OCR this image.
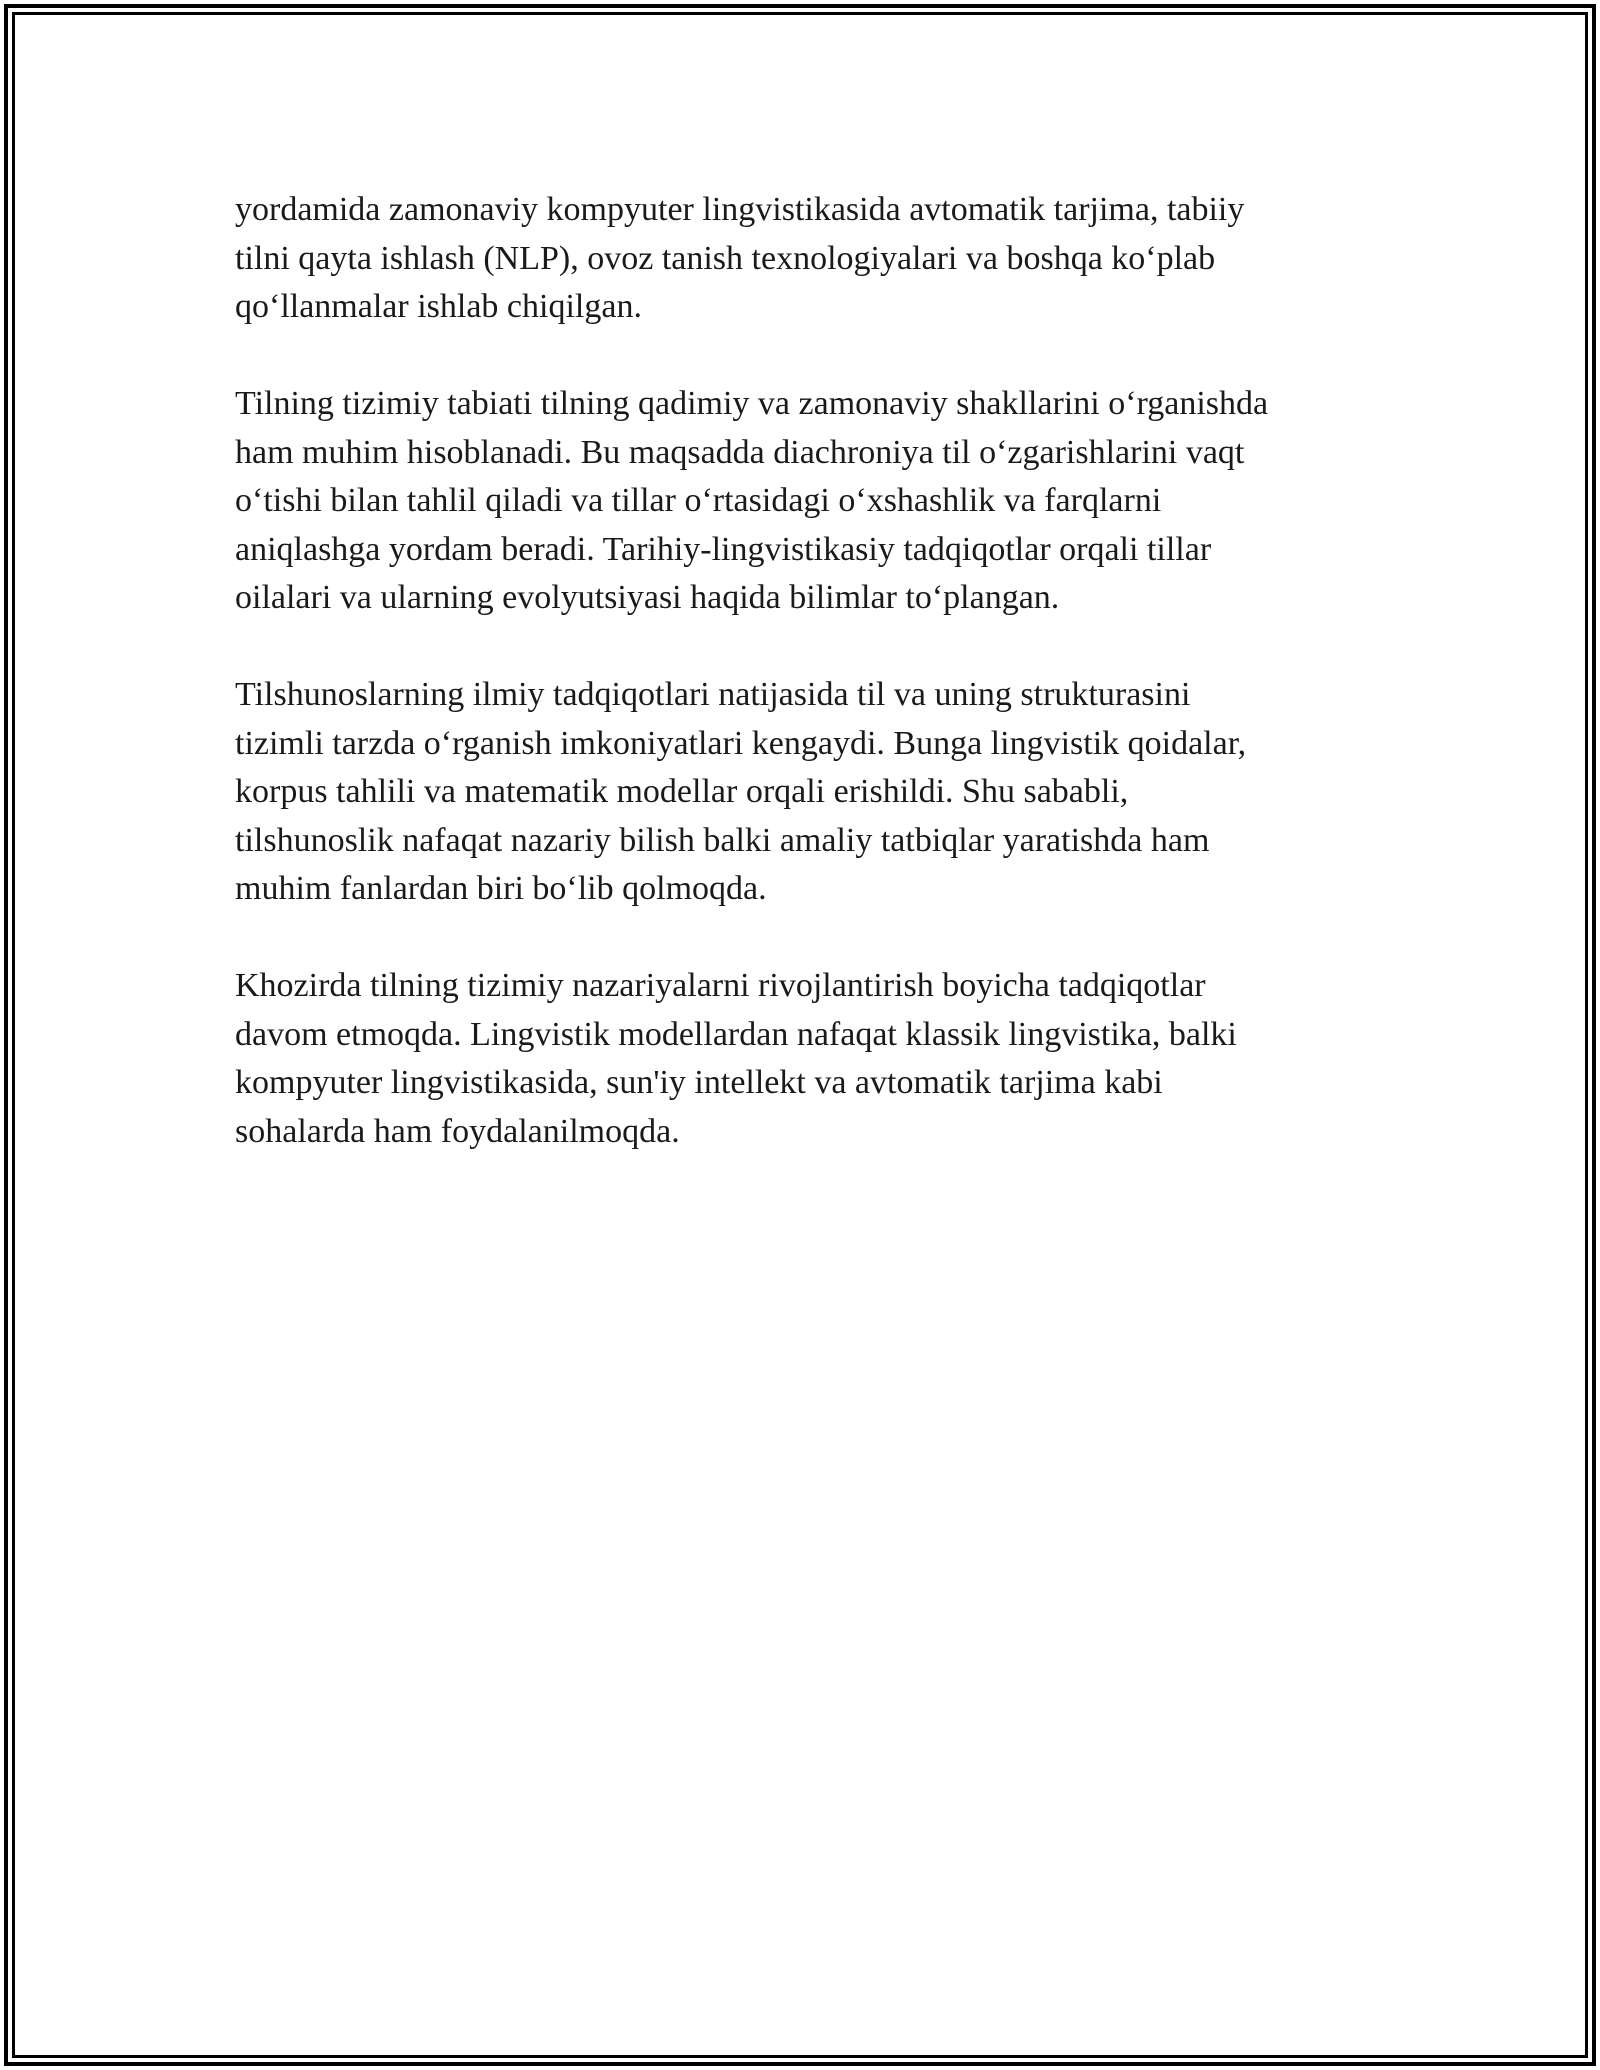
yordamida zamonaviy kompyuter lingvistikasida avtomatik tarjima, tabiiy
tilni qayta ishlash (NLP), ovoz tanish texnologiyalari va boshqa ko‘plab
qo‘llanmalar ishlab chiqilgan.

Tilning tizimiy tabiati tilning qadimiy va zamonaviy shakllarini o‘rganishda
ham muhim hisoblanadi. Bu maqsadda diachroniya til o‘zgarishlarini vaqt
o‘tishi bilan tahlil qiladi va tillar o‘rtasidagi o‘xshashlik va farqlarni
aniqlashga yordam beradi. Tarihiy-lingvistikasiy tadqiqotlar orqali tillar
oilalari va ularning evolyutsiyasi haqida bilimlar to‘plangan.

Tilshunoslarning ilmiy tadqiqotlari natijasida til va uning strukturasini
tizimli tarzda o‘rganish imkoniyatlari kengaydi. Bunga lingvistik qoidalar,
korpus tahlili va matematik modellar orqali erishildi. Shu sababli,
tilshunoslik nafaqat nazariy bilish balki amaliy tatbiqlar yaratishda ham
muhim fanlardan biri bo‘lib qolmoqda.

Khozirda tilning tizimiy nazariyalarni rivojlantirish boyicha tadqiqotlar
davom etmoqda. Lingvistik modellardan nafaqat klassik lingvistika, balki
kompyuter lingvistikasida, sun'iy intellekt va avtomatik tarjima kabi
sohalarda ham foydalanilmoqda.
